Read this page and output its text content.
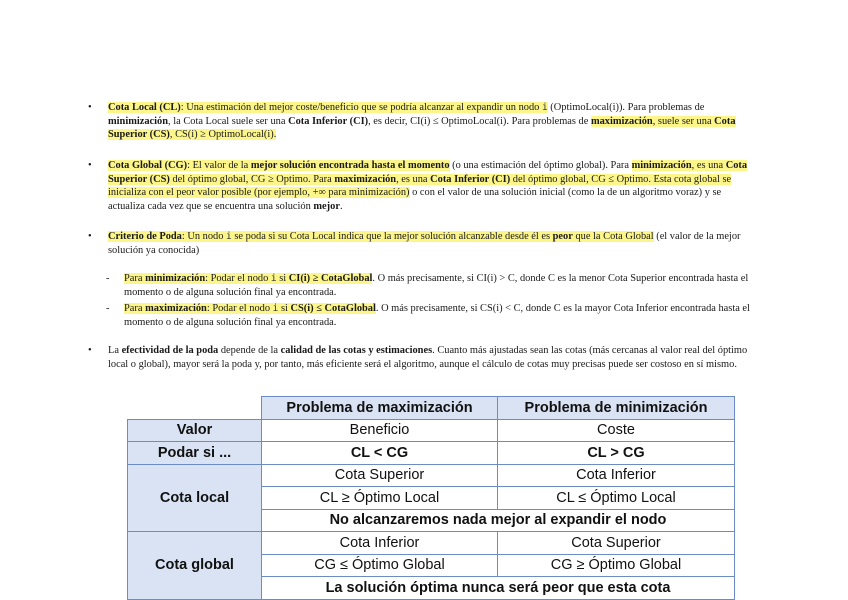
•	Cota Local (CL): Una estimación del mejor coste/beneficio que se podría alcanzar al expandir un nodo i (OptimoLocal(i)). Para problemas de minimización, la Cota Local suele ser una Cota Inferior (CI), es decir, CI(i) ≤ OptimoLocal(i). Para problemas de maximización, suele ser una Cota Superior (CS), CS(i) ≥ OptimoLocal(i).
•	Cota Global (CG): El valor de la mejor solución encontrada hasta el momento (o una estimación del óptimo global). Para minimización, es una Cota Superior (CS) del óptimo global, CG ≥ Optimo. Para maximización, es una Cota Inferior (CI) del óptimo global, CG ≤ Optimo. Esta cota global se inicializa con el peor valor posible (por ejemplo, +∞ para minimización) o con el valor de una solución inicial (como la de un algoritmo voraz) y se actualiza cada vez que se encuentra una solución mejor.
•	Criterio de Poda: Un nodo i se poda si su Cota Local indica que la mejor solución alcanzable desde él es peor que la Cota Global (el valor de la mejor solución ya conocida)
- Para minimización: Podar el nodo i si CI(i) ≥ CotaGlobal. O más precisamente, si CI(i) > C, donde C es la menor Cota Superior encontrada hasta el momento o de alguna solución final ya encontrada.
- Para maximización: Podar el nodo i si CS(i) ≤ CotaGlobal. O más precisamente, si CS(i) < C, donde C es la mayor Cota Inferior encontrada hasta el momento o de alguna solución final ya encontrada.
•	La efectividad de la poda depende de la calidad de las cotas y estimaciones. Cuanto más ajustadas sean las cotas (más cercanas al valor real del óptimo local o global), mayor será la poda y, por tanto, más eficiente será el algoritmo, aunque el cálculo de cotas muy precisas puede ser costoso en sí mismo.
	Problema de maximización	Problema de minimización
Valor	Beneficio	Coste
Podar si ...	CL < CG	CL > CG
Cota local	Cota Superior	Cota Inferior
	CL ≥ Óptimo Local	CL ≤ Óptimo Local
	No alcanzaremos nada mejor al expandir el nodo	
Cota global	Cota Inferior	Cota Superior
	CG ≤ Óptimo Global	CG ≥ Óptimo Global
	La solución óptima nunca será peor que esta cota	
